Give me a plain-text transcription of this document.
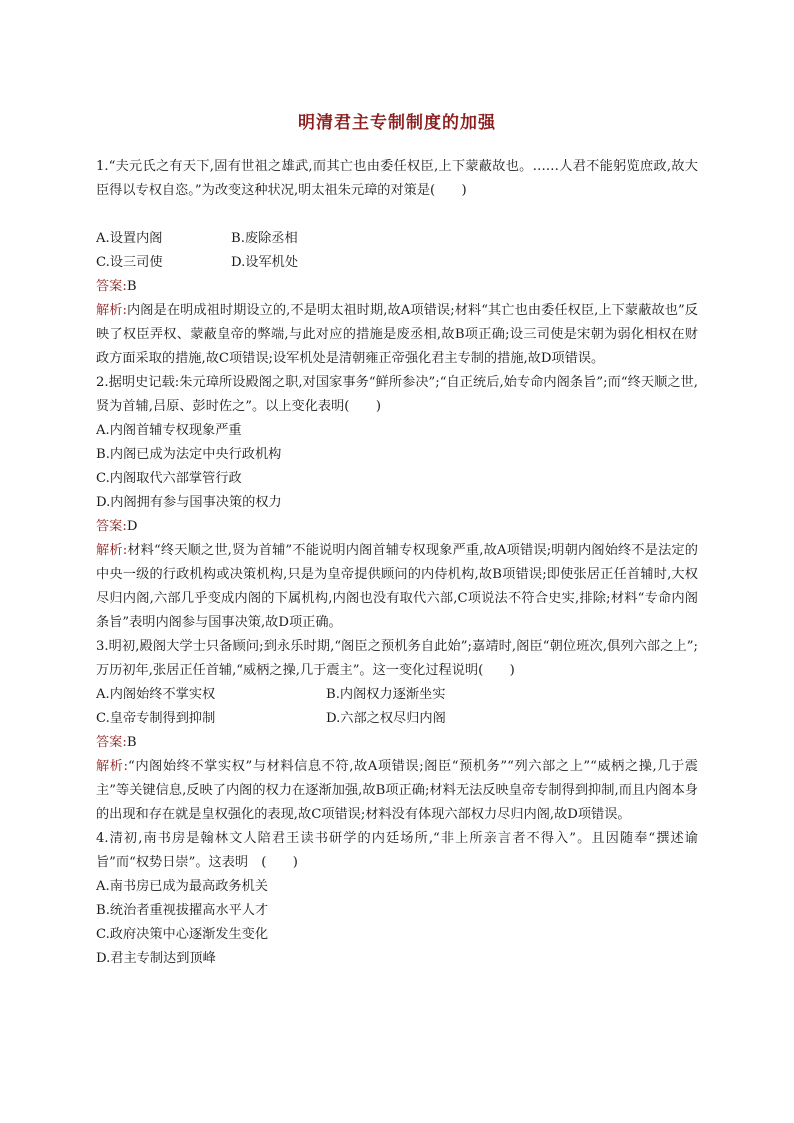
明清君主专制制度的加强

1.“夫元氏之有天下,固有世祖之雄武,而其亡也由委任权臣,上下蒙蔽故也。……人君不能躬览庶政,故大臣得以专权自恣。”为改变这种状况,明太祖朱元璋的对策是(　　)

A.设置内阁	B.废除丞相
C.设三司使	D.设军机处

答案:B

解析:内阁是在明成祖时期设立的,不是明太祖时期,故A项错误;材料“其亡也由委任权臣,上下蒙蔽故也”反映了权臣弄权、蒙蔽皇帝的弊端,与此对应的措施是废丞相,故B项正确;设三司使是宋朝为弱化相权在财政方面采取的措施,故C项错误;设军机处是清朝雍正帝强化君主专制的措施,故D项错误。

2.据明史记载:朱元璋所设殿阁之职,对国家事务“鲜所参决”;“自正统后,始专命内阁条旨”;而“终天顺之世,贤为首辅,吕原、彭时佐之”。以上变化表明(　　)

A.内阁首辅专权现象严重
B.内阁已成为法定中央行政机构
C.内阁取代六部掌管行政
D.内阁拥有参与国事决策的权力

答案:D

解析:材料“终天顺之世,贤为首辅”不能说明内阁首辅专权现象严重,故A项错误;明朝内阁始终不是法定的中央一级的行政机构或决策机构,只是为皇帝提供顾问的内侍机构,故B项错误;即使张居正任首辅时,大权尽归内阁,六部几乎变成内阁的下属机构,内阁也没有取代六部,C项说法不符合史实,排除;材料“专命内阁条旨”表明内阁参与国事决策,故D项正确。

3.明初,殿阁大学士只备顾问;到永乐时期,“阁臣之预机务自此始”;嘉靖时,阁臣“朝位班次,俱列六部之上”;万历初年,张居正任首辅,“威柄之操,几于震主”。这一变化过程说明(　　)

A.内阁始终不掌实权	B.内阁权力逐渐坐实
C.皇帝专制得到抑制	D.六部之权尽归内阁

答案:B

解析:“内阁始终不掌实权”与材料信息不符,故A项错误;阁臣“预机务”“列六部之上”“威柄之操,几于震主”等关键信息,反映了内阁的权力在逐渐加强,故B项正确;材料无法反映皇帝专制得到抑制,而且内阁本身的出现和存在就是皇权强化的表现,故C项错误;材料没有体现六部权力尽归内阁,故D项错误。

4.清初,南书房是翰林文人陪君王读书研学的内廷场所,“非上所亲言者不得入”。且因随奉“撰述谕旨”而“权势日崇”。这表明　(　　)

A.南书房已成为最高政务机关
B.统治者重视拔擢高水平人才
C.政府决策中心逐渐发生变化
D.君主专制达到顶峰
